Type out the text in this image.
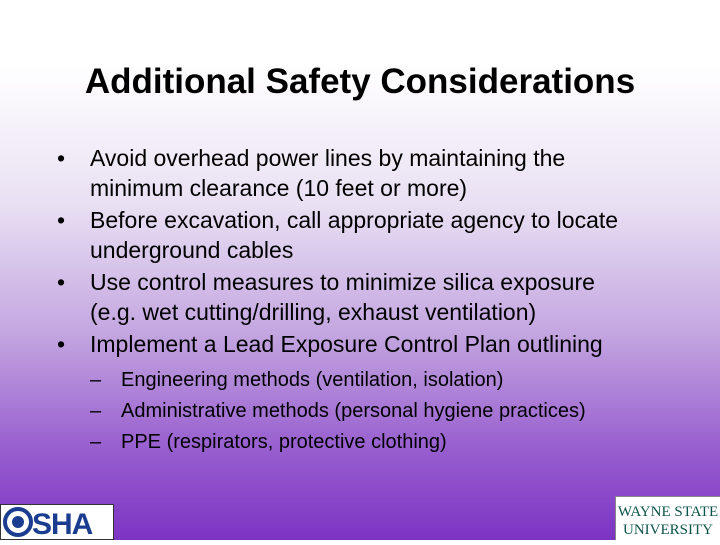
Additional Safety Considerations
• Avoid overhead power lines by maintaining the
minimum clearance (10 feet or more)
• Before excavation, call appropriate agency to locate
underground cables
• Use control measures to minimize silica exposure
(e.g. wet cutting/drilling, exhaust ventilation)
• Implement a Lead Exposure Control Plan outlining
– Engineering methods (ventilation, isolation)
– Administrative methods (personal hygiene practices)
– PPE (respirators, protective clothing)
SHA	WAYNE STATE
UNIVERSITY
